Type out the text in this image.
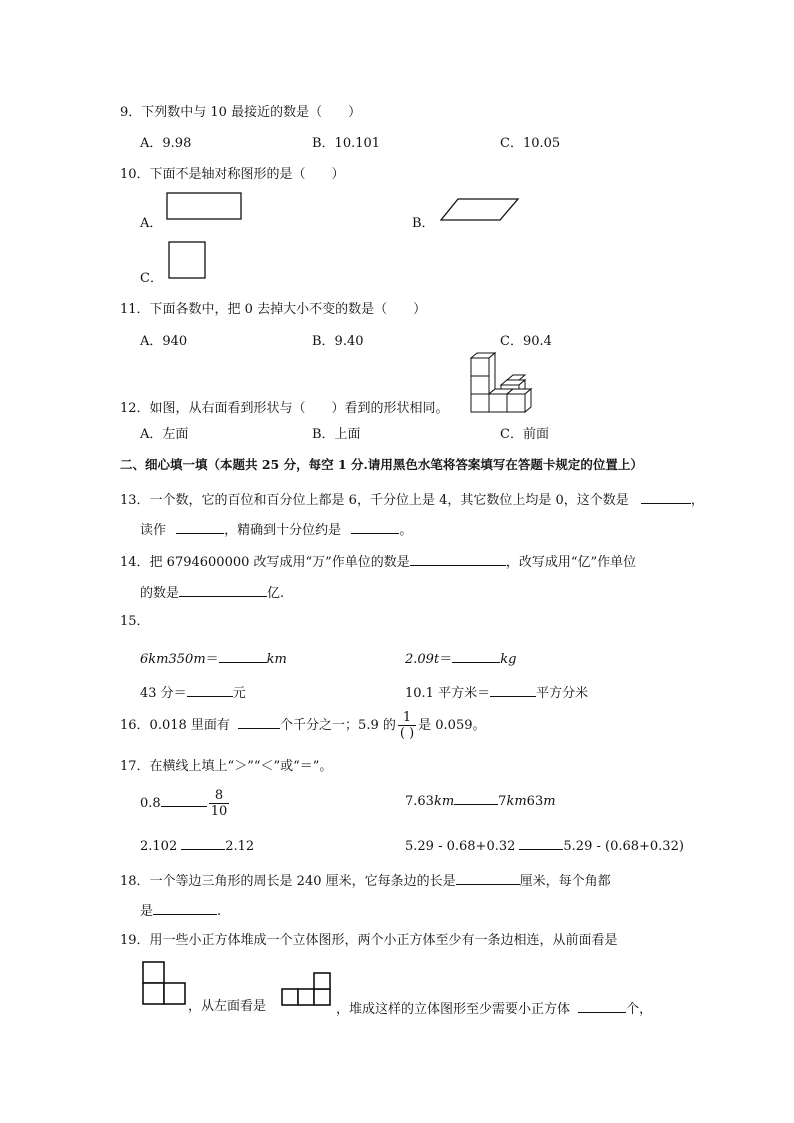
9．下列数中与 10 最接近的数是（　　）
A．9.98	B．10.101	C．10.05
10．下面不是轴对称图形的是（　　）
A．	B．
C．
11．下面各数中，把 0 去掉大小不变的数是（　　）
A．940	B．9.40	C．90.4
12．如图，从右面看到形状与（　　）看到的形状相同。
A．左面	B．上面	C．前面
二、细心填一填（本题共 25 分，每空 1 分.请用黑色水笔将答案填写在答题卡规定的位置上）
13．一个数，它的百位和百分位上都是 6，千分位上是 4，其它数位上均是 0，这个数是	，
读作	，精确到十分位约是	。
14．把 6794600000 改写成用“万”作单位的数是	，改写成用“亿”作单位
的数是	亿.
15．
6km350m＝	km	2.09t＝	kg
43 分＝	元	10.1 平方米＝	平方分米
16．0.018 里面有	个千分之一；5.9 的 $\frac{1}{( )}$ 是 0.059。
17．在横线上填上“＞”“＜”或“＝”。
0.8	$\frac{8}{10}$	7.63km	7km63m
2.102	2.12	5.29 - 0.68+0.32	5.29 - (0.68+0.32)
18．一个等边三角形的周长是 240 厘米，它每条边的长是	厘米，每个角都
是	.
19．用一些小正方体堆成一个立体图形，两个小正方体至少有一条边相连，从前面看是
，从左面看是	，堆成这样的立体图形至少需要小正方体	个，
